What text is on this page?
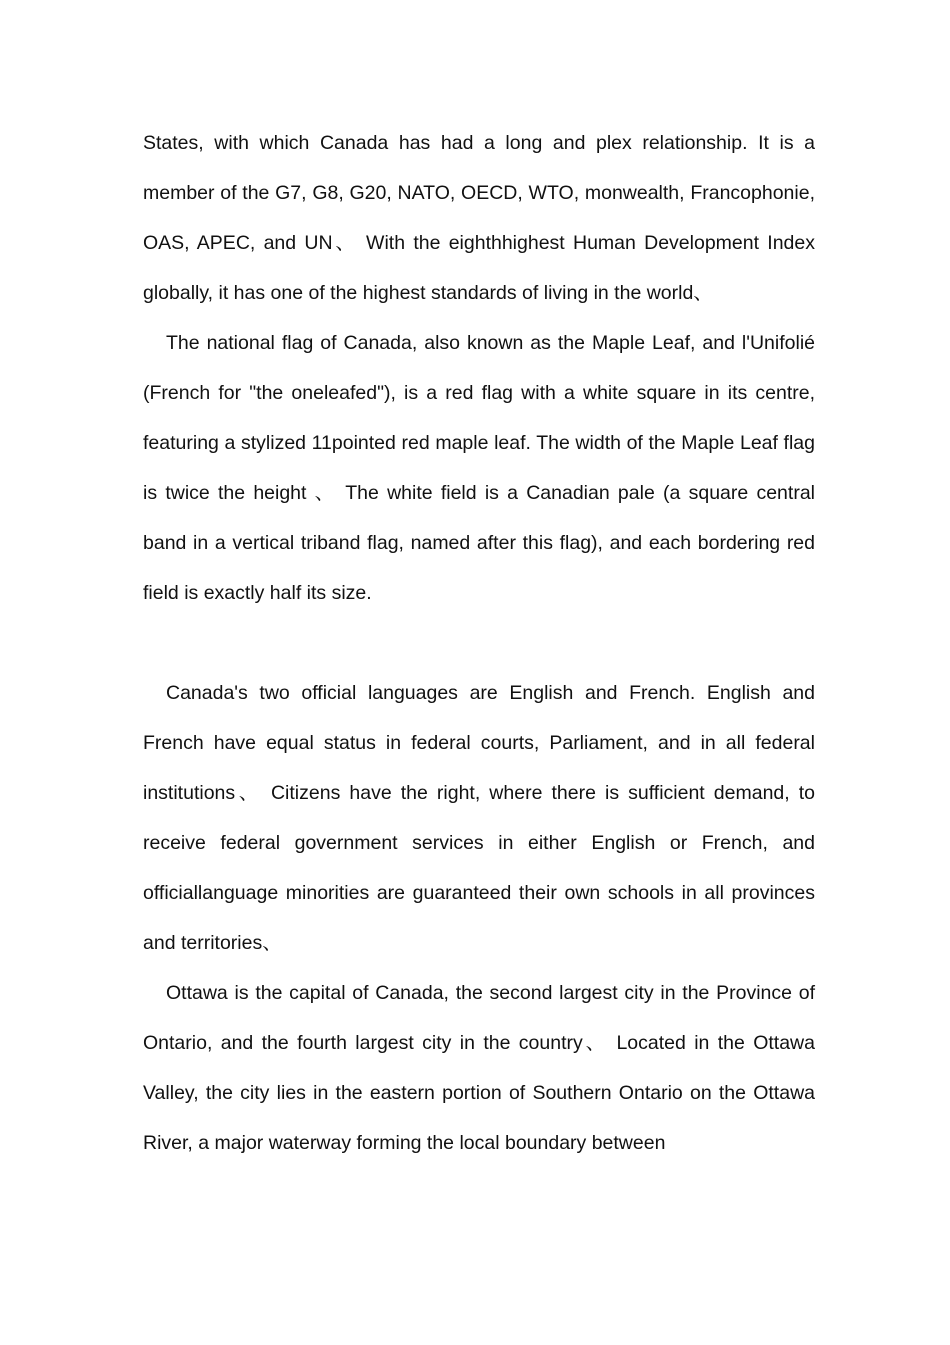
States, with which Canada has had a long and plex relationship. It is a member of the G7, G8, G20, NATO, OECD, WTO, monwealth, Francophonie, OAS, APEC, and UN、 With the eighthhighest Human Development Index globally, it has one of the highest standards of living in the world、

The national flag of Canada, also known as the Maple Leaf, and l'Unifolié (French for "the oneleafed"), is a red flag with a white square in its centre, featuring a stylized 11pointed red maple leaf. The width of the Maple Leaf flag is twice the height 、 The white field is a Canadian pale (a square central band in a vertical triband flag, named after this flag), and each bordering red field is exactly half its size.

Canada's two official languages are English and French. English and French have equal status in federal courts, Parliament, and in all federal institutions、 Citizens have the right, where there is sufficient demand, to receive federal government services in either English or French, and officiallanguage minorities are guaranteed their own schools in all provinces and territories、

Ottawa is the capital of Canada, the second largest city in the Province of Ontario, and the fourth largest city in the country、 Located in the Ottawa Valley, the city lies in the eastern portion of Southern Ontario on the Ottawa River, a major waterway forming the local boundary between
